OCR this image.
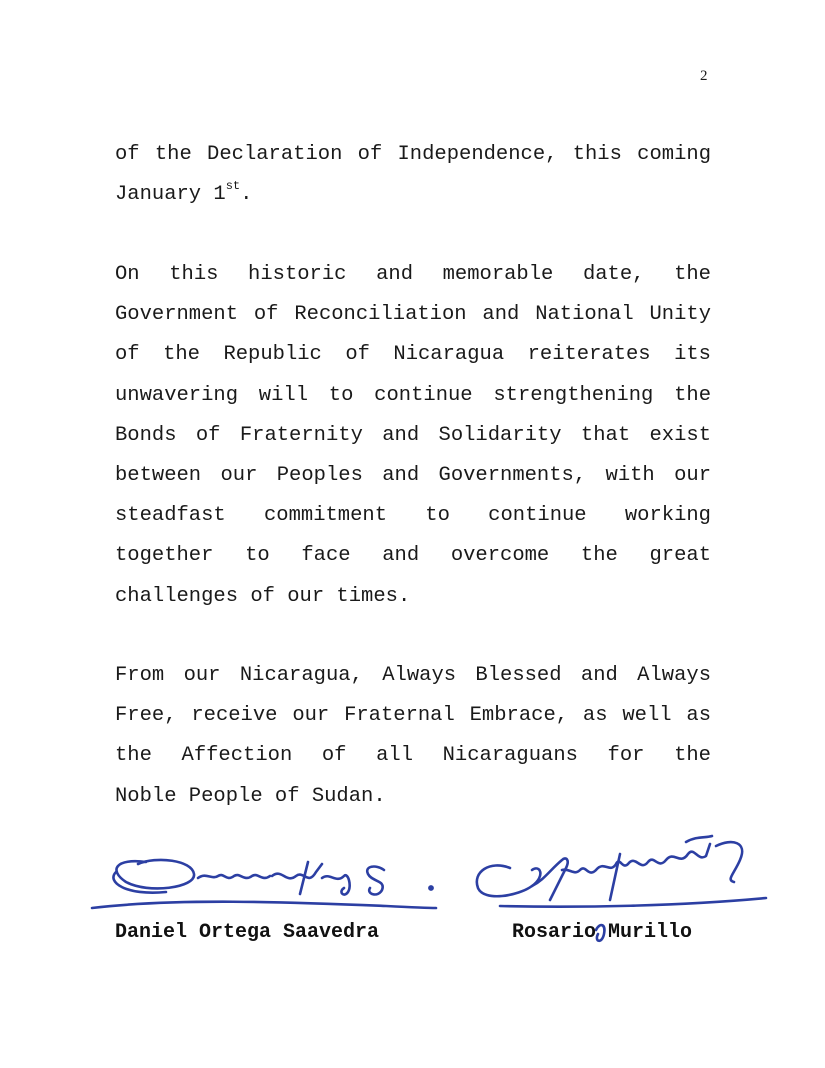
2
of the Declaration of Independence, this coming
January 1st.
On this historic and memorable date, the Government of Reconciliation and National Unity of the Republic of Nicaragua reiterates its unwavering will to continue strengthening the Bonds of Fraternity and Solidarity that exist between our Peoples and Governments, with our steadfast commitment to continue working together to face and overcome the great
challenges of our times.
From our Nicaragua, Always Blessed and Always Free, receive our Fraternal Embrace, as well as the Affection of all Nicaraguans for the
Noble People of Sudan.
Daniel Ortega Saavedra	Rosario Murillo
